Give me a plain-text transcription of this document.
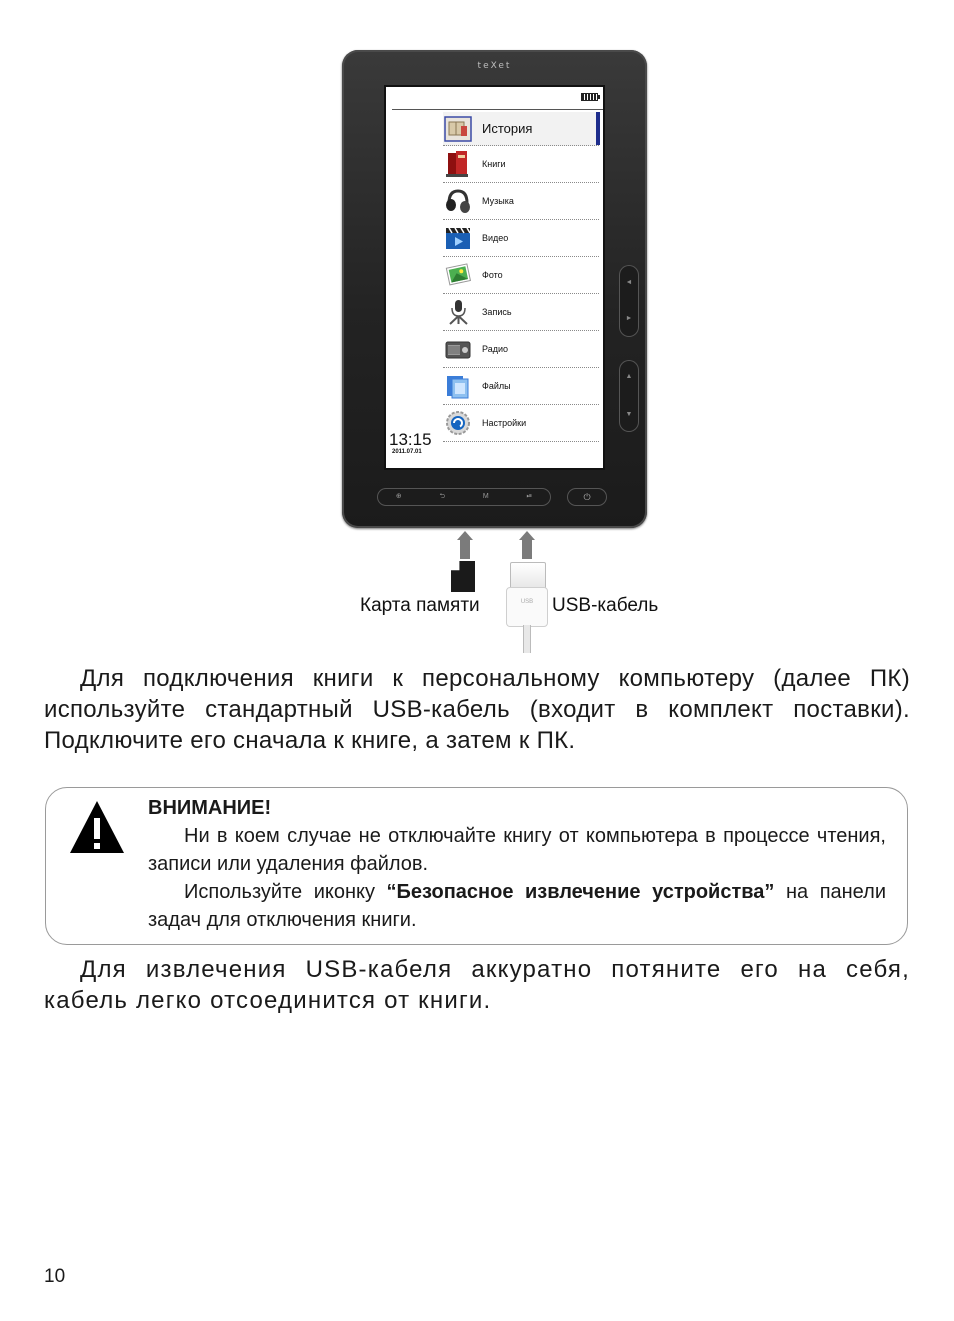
teXet
История
Книги
Музыка
Видео
Фото
Запись
Радио
Файлы
Настройки
13:15
2011.07.01
◄
►
▲
▼
⊕	⮌	M	⏯	⏻
Карта памяти	USB USB-кабель

Для подключения книги к персональному компьютеру (далее ПК) используйте стандартный USB-кабель (входит в комплект поставки). Подключите его сначала к книге, а затем к ПК.

ВНИМАНИЕ!

Ни в коем случае не отключайте книгу от компьютера в процессе чтения, записи или удаления файлов.

Используйте иконку “Безопасное извлечение устройства” на панели задач для отключения книги.

Для извлечения USB-кабеля аккуратно потяните его на себя, кабель легко отсоединится от книги.

10
